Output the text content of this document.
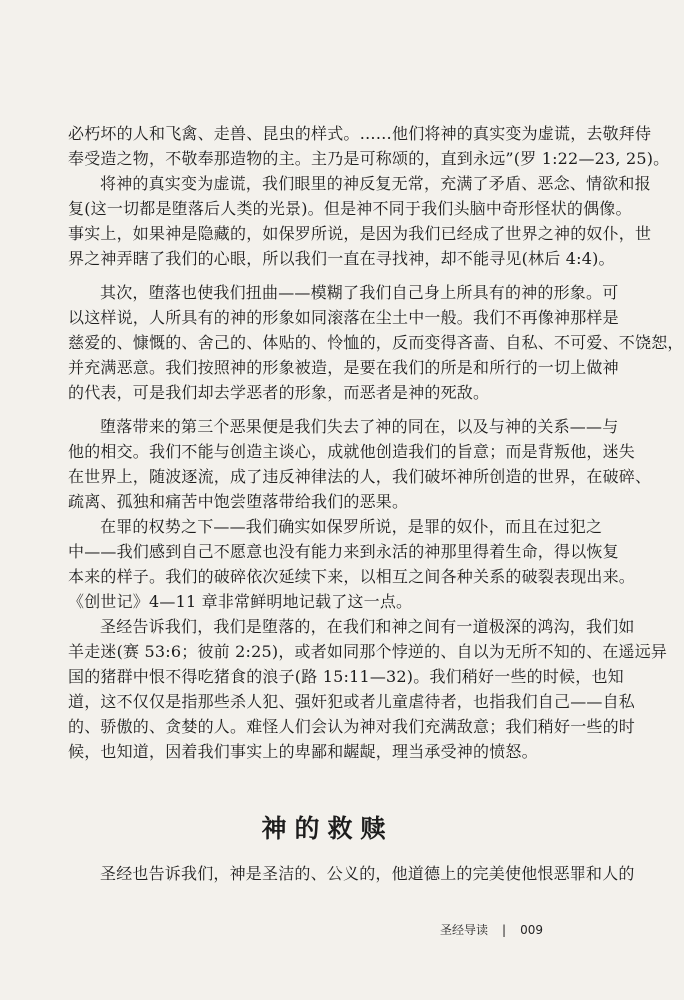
必朽坏的人和飞禽、走兽、昆虫的样式。……他们将神的真实变为虚谎，去敬拜侍
奉受造之物，不敬奉那造物的主。主乃是可称颂的，直到永远”(罗 1:22—23, 25)。
将神的真实变为虚谎，我们眼里的神反复无常，充满了矛盾、恶念、情欲和报
复(这一切都是堕落后人类的光景)。但是神不同于我们头脑中奇形怪状的偶像。
事实上，如果神是隐藏的，如保罗所说，是因为我们已经成了世界之神的奴仆，世
界之神弄瞎了我们的心眼，所以我们一直在寻找神，却不能寻见(林后 4:4)。
其次，堕落也使我们扭曲——模糊了我们自己身上所具有的神的形象。可
以这样说，人所具有的神的形象如同滚落在尘土中一般。我们不再像神那样是
慈爱的、慷慨的、舍己的、体贴的、怜恤的，反而变得吝啬、自私、不可爱、不饶恕，
并充满恶意。我们按照神的形象被造，是要在我们的所是和所行的一切上做神
的代表，可是我们却去学恶者的形象，而恶者是神的死敌。
堕落带来的第三个恶果便是我们失去了神的同在，以及与神的关系——与
他的相交。我们不能与创造主谈心，成就他创造我们的旨意；而是背叛他，迷失
在世界上，随波逐流，成了违反神律法的人，我们破坏神所创造的世界，在破碎、
疏离、孤独和痛苦中饱尝堕落带给我们的恶果。
在罪的权势之下——我们确实如保罗所说，是罪的奴仆，而且在过犯之
中——我们感到自己不愿意也没有能力来到永活的神那里得着生命，得以恢复
本来的样子。我们的破碎依次延续下来，以相互之间各种关系的破裂表现出来。
《创世记》4—11 章非常鲜明地记载了这一点。
圣经告诉我们，我们是堕落的，在我们和神之间有一道极深的鸿沟，我们如
羊走迷(赛 53:6；彼前 2:25)，或者如同那个悖逆的、自以为无所不知的、在遥远异
国的猪群中恨不得吃猪食的浪子(路 15:11—32)。我们稍好一些的时候，也知
道，这不仅仅是指那些杀人犯、强奸犯或者儿童虐待者，也指我们自己——自私
的、骄傲的、贪婪的人。难怪人们会认为神对我们充满敌意；我们稍好一些的时
候，也知道，因着我们事实上的卑鄙和龌龊，理当承受神的愤怒。
神的救赎
圣经也告诉我们，神是圣洁的、公义的，他道德上的完美使他恨恶罪和人的
圣经导读 | 009
